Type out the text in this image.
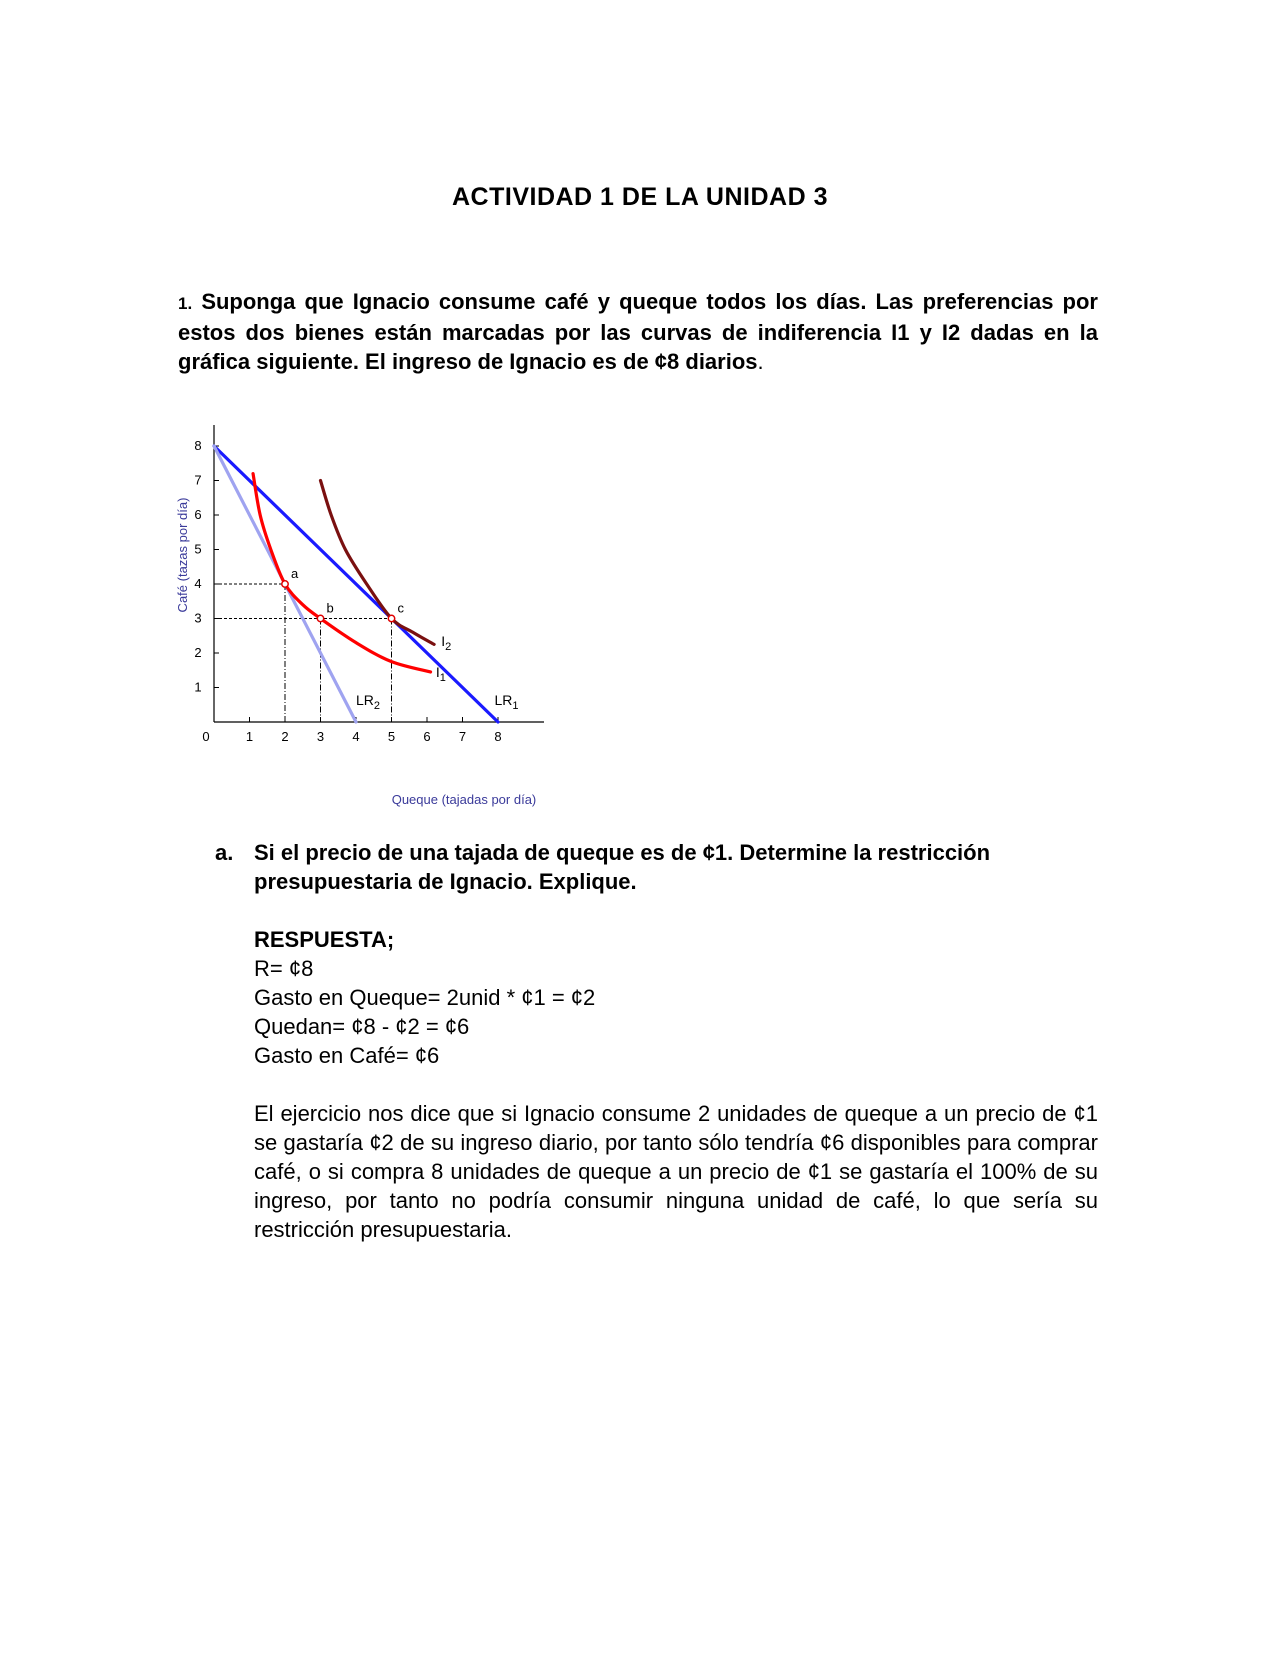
ACTIVIDAD 1 DE LA UNIDAD 3
1. Suponga que Ignacio consume café y queque todos los días. Las preferencias por estos dos bienes están marcadas por las curvas de indiferencia I1 y I2 dadas en la gráfica siguiente. El ingreso de Ignacio es de ¢8 diarios.
0	1 2 3 4 5 6 7 8
1
2
3
4
5
6
7
8
a
b	c
$LR_1$
$LR_2$
$I_1$
$I_2$
Café (tazas por día)
Queque (tajadas por día)
a. Si el precio de una tajada de queque es de ¢1. Determine la restricción presupuestaria de Ignacio. Explique.
RESPUESTA;
R= ¢8
Gasto en Queque= 2unid * ¢1 = ¢2
Quedan= ¢8 - ¢2 = ¢6
Gasto en Café= ¢6
El ejercicio nos dice que si Ignacio consume 2 unidades de queque a un precio de ¢1 se gastaría ¢2 de su ingreso diario, por tanto sólo tendría ¢6 disponibles para comprar café, o si compra 8 unidades de queque a un precio de ¢1 se gastaría el 100% de su ingreso, por tanto no podría consumir ninguna unidad de café, lo que sería su restricción presupuestaria.
